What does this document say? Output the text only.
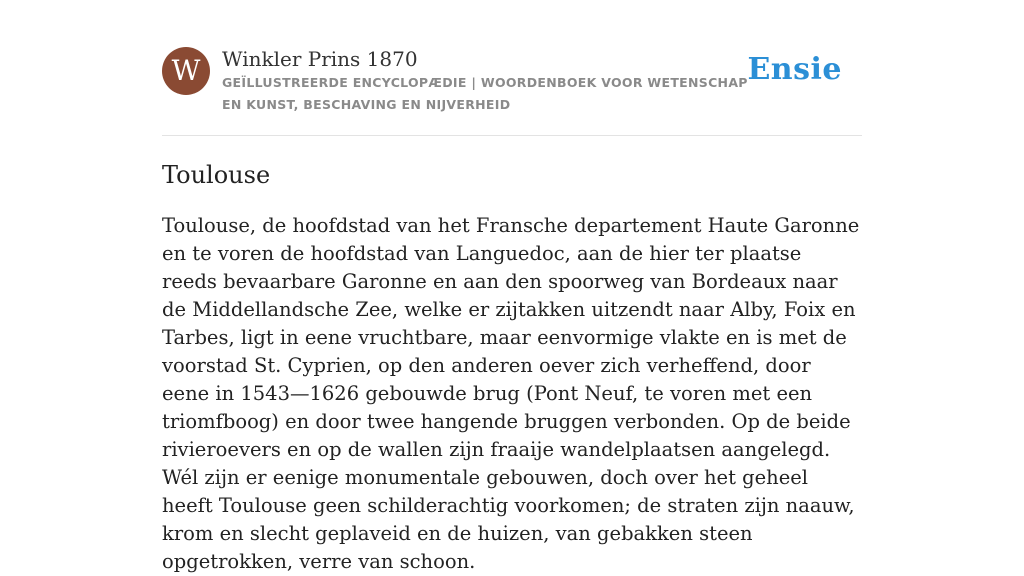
W	Winkler Prins 1870
GEÏLLUSTREERDE ENCYCLOPÆDIE | WOORDENBOEK VOOR WETENSCHAP EN KUNST, BESCHAVING EN NIJVERHEID
Ensie
Toulouse

Toulouse, de hoofdstad van het Fransche departement Haute Garonne en te voren de hoofdstad van Languedoc, aan de hier ter plaatse reeds bevaarbare Garonne en aan den spoorweg van Bordeaux naar de Middellandsche Zee, welke er zijtakken uitzendt naar Alby, Foix en Tarbes, ligt in eene vruchtbare, maar eenvormige vlakte en is met de voorstad St. Cyprien, op den anderen oever zich verheffend, door eene in 1543—1626 gebouwde brug (Pont Neuf, te voren met een triomfboog) en door twee hangende bruggen verbonden. Op de beide rivieroevers en op de wallen zijn fraaije wandelplaatsen aangelegd. Wél zijn er eenige monumentale gebouwen, doch over het geheel heeft Toulouse geen schilderachtig voorkomen; de straten zijn naauw, krom en slecht geplaveid en de huizen, van gebakken steen opgetrokken, verre van schoon.
